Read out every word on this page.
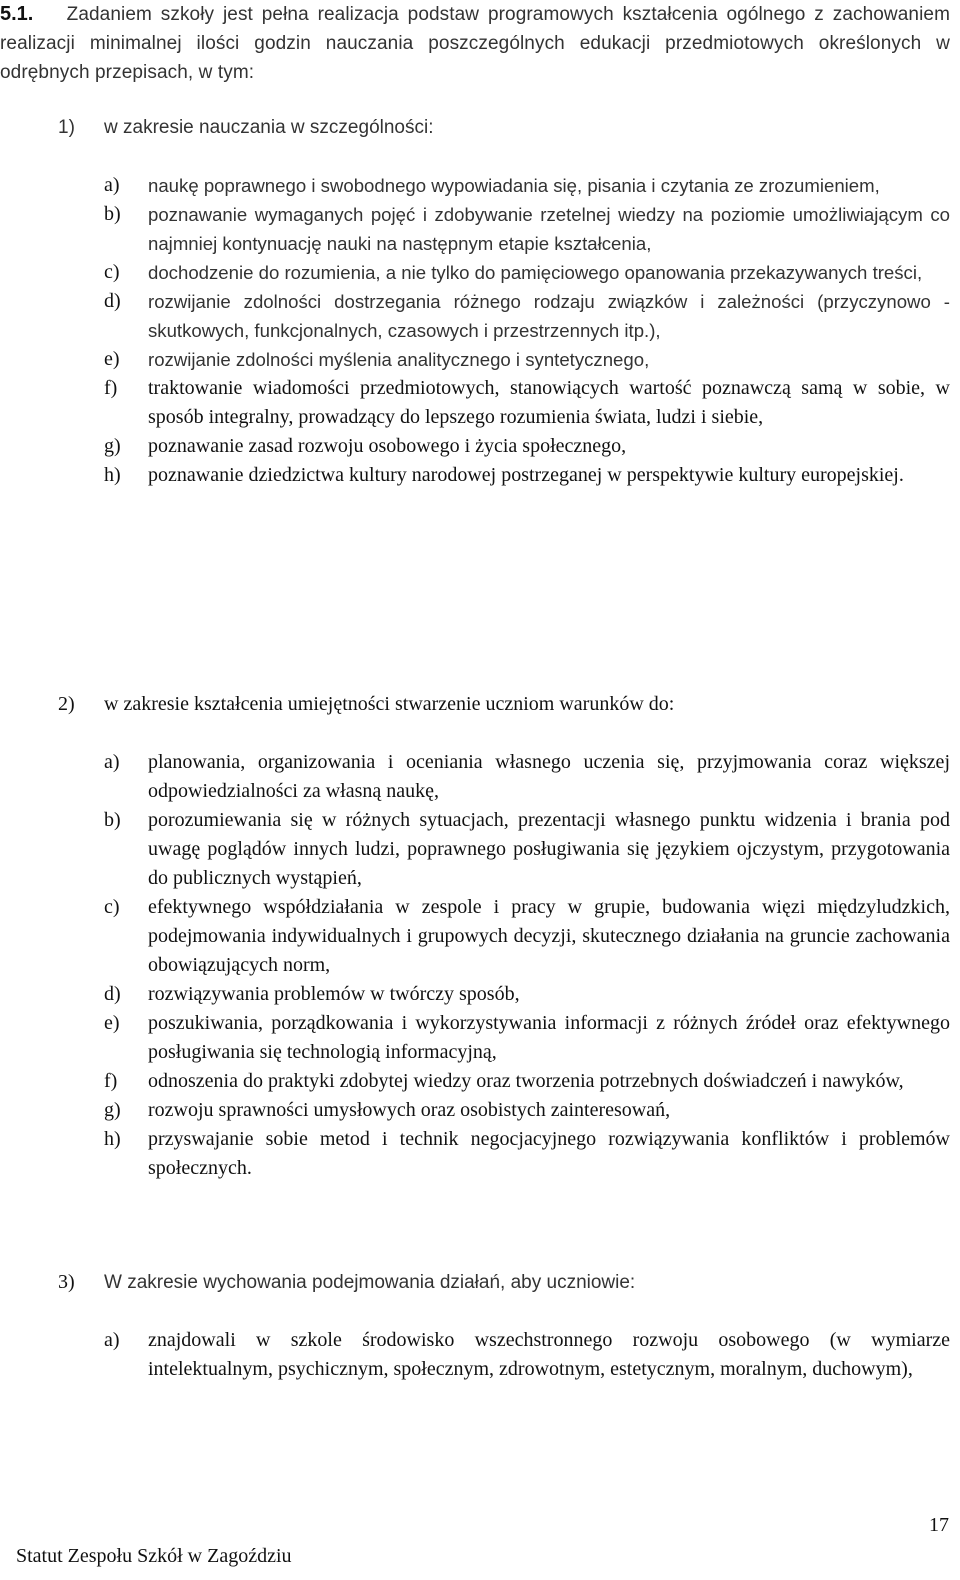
5.1. Zadaniem szkoły jest pełna realizacja podstaw programowych kształcenia ogólnego z zachowaniem realizacji minimalnej ilości godzin nauczania poszczególnych edukacji przedmiotowych określonych w odrębnych przepisach, w tym:
1) w zakresie nauczania w szczególności:
a) naukę poprawnego i swobodnego wypowiadania się, pisania i czytania ze zrozumieniem,
b) poznawanie wymaganych pojęć i zdobywanie rzetelnej wiedzy na poziomie umożliwiającym co najmniej kontynuację nauki na następnym etapie kształcenia,
c) dochodzenie do rozumienia, a nie tylko do pamięciowego opanowania przekazywanych treści,
d) rozwijanie zdolności dostrzegania różnego rodzaju związków i zależności (przyczynowo - skutkowych, funkcjonalnych, czasowych i przestrzennych itp.),
e) rozwijanie zdolności myślenia analitycznego i syntetycznego,
f) traktowanie wiadomości przedmiotowych, stanowiących wartość poznawczą samą w sobie, w sposób integralny, prowadzący do lepszego rozumienia świata, ludzi i siebie,
g) poznawanie zasad rozwoju osobowego i życia społecznego,
h) poznawanie dziedzictwa kultury narodowej postrzeganej w perspektywie kultury europejskiej.
2) w zakresie kształcenia umiejętności stwarzenie uczniom warunków do:
a) planowania, organizowania i oceniania własnego uczenia się, przyjmowania coraz większej odpowiedzialności za własną naukę,
b) porozumiewania się w różnych sytuacjach, prezentacji własnego punktu widzenia i brania pod uwagę poglądów innych ludzi, poprawnego posługiwania się językiem ojczystym, przygotowania do publicznych wystąpień,
c) efektywnego współdziałania w zespole i pracy w grupie, budowania więzi międzyludzkich, podejmowania indywidualnych i grupowych decyzji, skutecznego działania na gruncie zachowania obowiązujących norm,
d) rozwiązywania problemów w twórczy sposób,
e) poszukiwania, porządkowania i wykorzystywania informacji z różnych źródeł oraz efektywnego posługiwania się technologią informacyjną,
f) odnoszenia do praktyki zdobytej wiedzy oraz tworzenia potrzebnych doświadczeń i nawyków,
g) rozwoju sprawności umysłowych oraz osobistych zainteresowań,
h) przyswajanie sobie metod i technik negocjacyjnego rozwiązywania konfliktów i problemów społecznych.
3) W zakresie wychowania podejmowania działań, aby uczniowie:
a) znajdowali w szkole środowisko wszechstronnego rozwoju osobowego (w wymiarze intelektualnym, psychicznym, społecznym, zdrowotnym, estetycznym, moralnym, duchowym),
17
Statut Zespołu Szkół w Zagoździu
